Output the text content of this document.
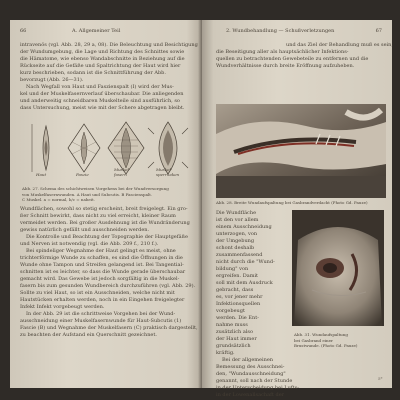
66	A. Allgemeiner Teil

intravenös (vgl. Abb. 28, 29 a, 08). Die Beleuchtung und Besichtigung

der Wundumgebung, die Lage und Richtung des Schnittes sowie

die Hämatome, wie ebenso Wandabschnitte in Beziehung auf die

Rückseite auf die Gefäße und Spaltrichtung der Haut wird hier

kurz beschrieben, sodann ist die Schnittführung der Abb.

bevorzugt (Abb. 26—31).

Nach Wegfall von Haut und Faszienspalt (I) wird der Mus-

kel und der Muskelfasernverlauf überschaubar. Die anliegenden

und anderweitig schneidbaren Muskelteile sind ausführlich, so

dass Untersuchung, meist wie mit der Schere abgetragen bleibt.

Haut	Faszie
Muskel-
fasern
Muskel-
sperrhaken

Abb. 27. Schema des schichtweisen Vorgehens bei der Wundversorgung

von Muskelfasernwunden. A Haut und Subcutis. B Fascienspalt.

C Muskel. a = normal, b/c = naheit.

Wundflächen, sowohl so stetig erscheint, breit freigelegt. Ein gro-

ßer Schnitt bewirkt, dass nicht zu viel erreicht, kleiner Raum

vermeidet werden. Bei großer Ausdehnung ist die Wundränderung

gewiss natürlich gefällt und ausschneiden werden.

Die Kontrolle und Beachtung der Topographie der Hauptgefäße

und Nerven ist notwendig (vgl. die Abb. 209 f., 210 f.).

Bei spindeliger Wegnahme der Haut gelingt es meist, ohne

trichterförmige Wunde zu schaffen, es sind die Öffnungen in die

Wunde ohne Tampon und Streifen gelangend ist. Bei Tangential-

schnitten ist es leichter, so dass die Wunde gerade überschaubar

gemacht wird. Das Gewebe ist jedoch sorgfältig in die Muskel-

fasern bis zum gesunden Wundbereich durchzuführen (vgl. Abb. 29).

Sollte zu viel Haut, so ist ein Ausschneiden, welche nicht mit

Hautstücken erhalten werden, noch in ein Eingehen freigelegter

Infekt Infekt vorgebeugt werden.

In der Abb. 29 ist die schrittweise Vorgehen bei der Wund-

ausschneidung einer Muskelfasernwunde für Haut-Subcutis (1)

Fascie (B) und Wegnahme der Muskelfasern (C) praktisch dargestellt,

zu beachten der Aufstand ein Querschnitt gezeichnet.

2. Wundbehandlung — Schußverletzungen	67

und das Ziel der Behandlung muß es sein,

die Beseitigung aller als hauptsächlicher Infektions-

quellen zu betrachtenden Gewebeteile zu entfernen und die

Wundverhältnisse durch breite Eröffnung aufzuheben.

Abb. 28. Breite Wundaufspaltung bei Gasbrandverdacht (Photo Gd. Pauze)

Die Wundfläche

ist den vor allem

einem Ausschneidung

unterzogen, von

der Umgebung

schont deshalb

zusammenfassend

nicht durch die "Wund-

bildung" von

ergreifen. Damit

soll mit dem Ausdruck

gebracht, dass

es, vor jener mehr

Infektionsquellen

vorgebeugt

werden. Die Ent-

nahme muss

zusätzlich also

der Haut immer

grundsätzlich

kräftig.

Bei der allgemeinen

Bemessung des Ausschnei-

den, "Wundausschneidung"

genannt, soll nach der Stunde

in der Unterscheidung bei Lufts-

in der Lowenallsachaft der

Abb. 31. Wundaufspaltung

bei Gasbrand einer

Brustwunde. (Photo Gd. Pauze)

5*
